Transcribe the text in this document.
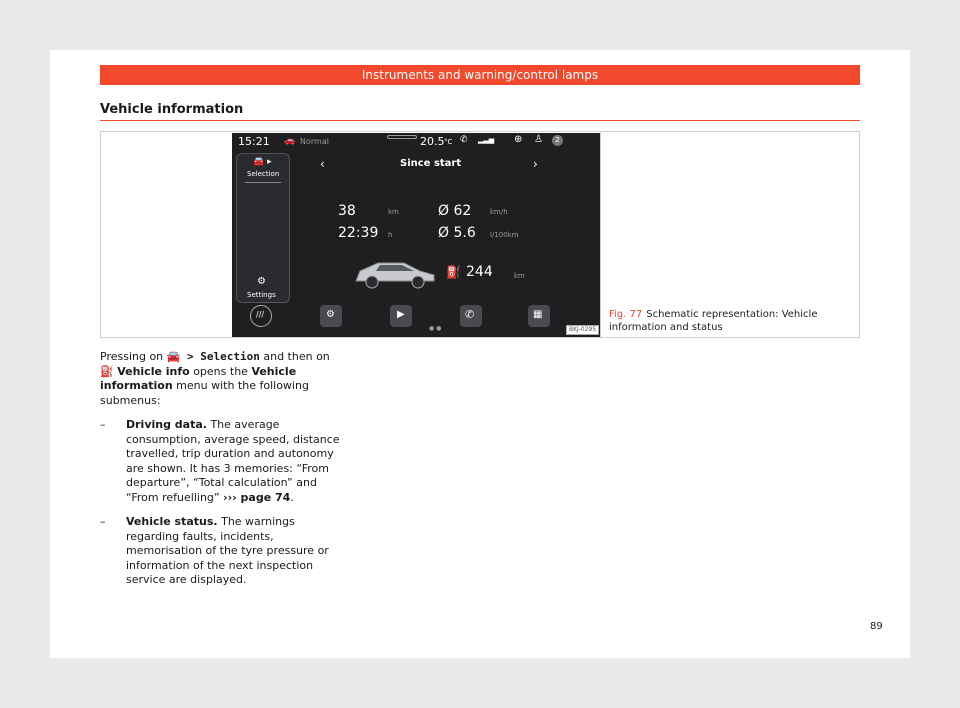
Instruments and warning/control lamps
Vehicle information
15:21 🚗 Normal	20.5 °C ✆ ▂▃▅ ⊕ ♙	2
🚘 ▸
Selection
⚙
Settings
‹	Since start	›
38	km
22:39 h
Ø 62	km/h
Ø 5.6 l/100km
⛽ 244	km
///	⚙	▶	✆	▦
● ●	BKJ-0295
Fig. 77 Schematic representation: Vehicle information and status

Pressing on 🚘 > Selection and then on ⛽ Vehicle info opens the Vehicle information menu with the following submenus:

– Driving data. The average consumption, average speed, distance travelled, trip duration and autonomy are shown. It has 3 memories: “From departure”, “Total calculation” and “From refuelling” ››› page 74.
– Vehicle status. The warnings regarding faults, incidents, memorisation of the tyre pressure or information of the next inspection service are displayed.
89
